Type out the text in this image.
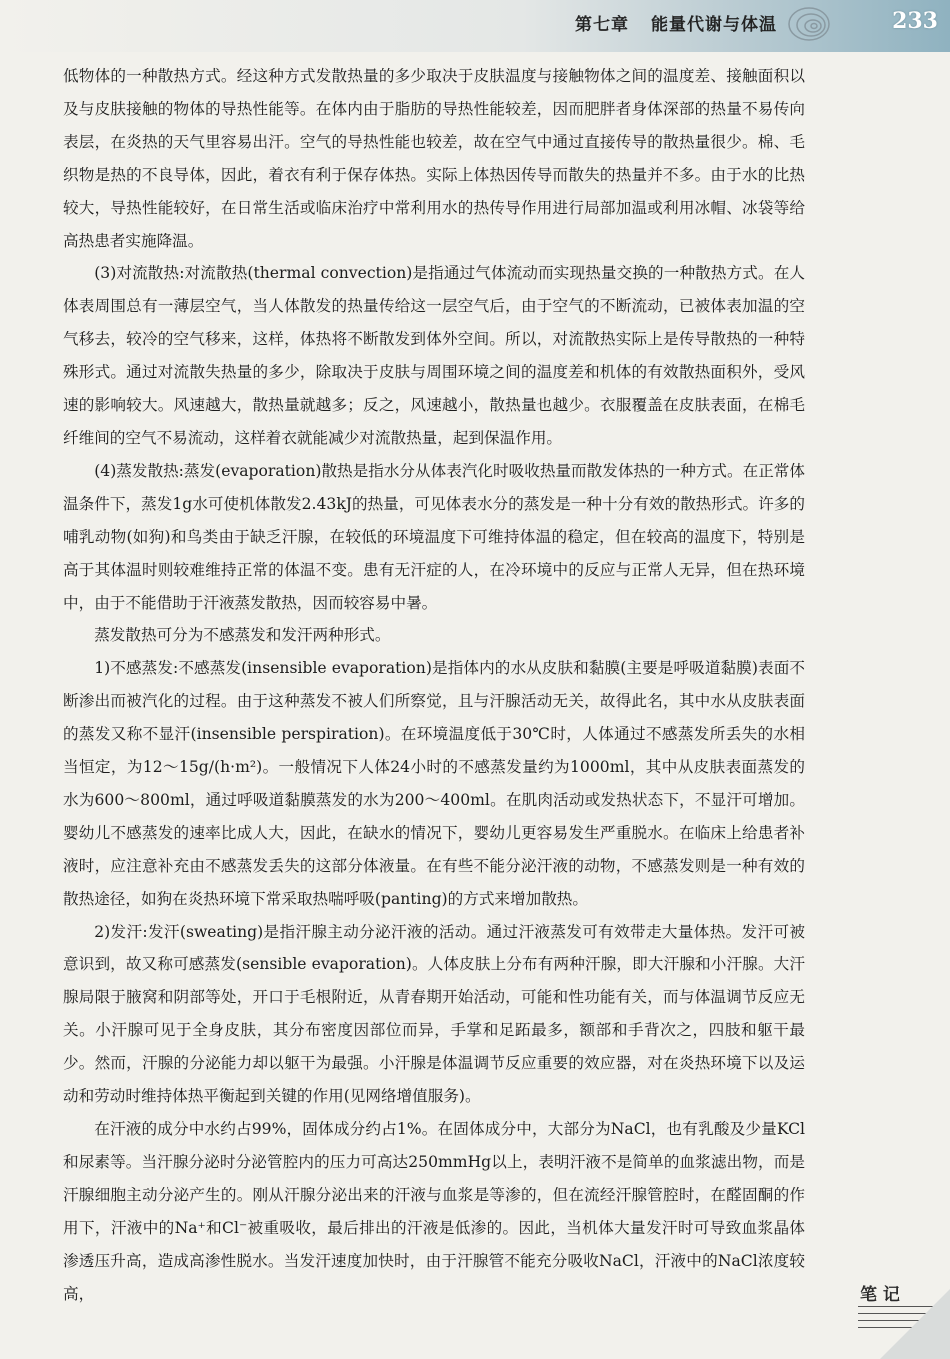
第七章 能量代谢与体温	233

低物体的一种散热方式。经这种方式发散热量的多少取决于皮肤温度与接触物体之间的温度差、接触面积以及与皮肤接触的物体的导热性能等。在体内由于脂肪的导热性能较差，因而肥胖者身体深部的热量不易传向表层，在炎热的天气里容易出汗。空气的导热性能也较差，故在空气中通过直接传导的散热量很少。棉、毛织物是热的不良导体，因此，着衣有利于保存体热。实际上体热因传导而散失的热量并不多。由于水的比热较大，导热性能较好，在日常生活或临床治疗中常利用水的热传导作用进行局部加温或利用冰帽、冰袋等给高热患者实施降温。

(3)对流散热:对流散热(thermal convection)是指通过气体流动而实现热量交换的一种散热方式。在人体表周围总有一薄层空气，当人体散发的热量传给这一层空气后，由于空气的不断流动，已被体表加温的空气移去，较冷的空气移来，这样，体热将不断散发到体外空间。所以，对流散热实际上是传导散热的一种特殊形式。通过对流散失热量的多少，除取决于皮肤与周围环境之间的温度差和机体的有效散热面积外，受风速的影响较大。风速越大，散热量就越多；反之，风速越小，散热量也越少。衣服覆盖在皮肤表面，在棉毛纤维间的空气不易流动，这样着衣就能减少对流散热量，起到保温作用。

(4)蒸发散热:蒸发(evaporation)散热是指水分从体表汽化时吸收热量而散发体热的一种方式。在正常体温条件下，蒸发1g水可使机体散发2.43kJ的热量，可见体表水分的蒸发是一种十分有效的散热形式。许多的哺乳动物(如狗)和鸟类由于缺乏汗腺，在较低的环境温度下可维持体温的稳定，但在较高的温度下，特别是高于其体温时则较难维持正常的体温不变。患有无汗症的人，在冷环境中的反应与正常人无异，但在热环境中，由于不能借助于汗液蒸发散热，因而较容易中暑。

蒸发散热可分为不感蒸发和发汗两种形式。

1)不感蒸发:不感蒸发(insensible evaporation)是指体内的水从皮肤和黏膜(主要是呼吸道黏膜)表面不断渗出而被汽化的过程。由于这种蒸发不被人们所察觉，且与汗腺活动无关，故得此名，其中水从皮肤表面的蒸发又称不显汗(insensible perspiration)。在环境温度低于30℃时，人体通过不感蒸发所丢失的水相当恒定，为12～15g/(h·m²)。一般情况下人体24小时的不感蒸发量约为1000ml，其中从皮肤表面蒸发的水为600～800ml，通过呼吸道黏膜蒸发的水为200～400ml。在肌肉活动或发热状态下，不显汗可增加。婴幼儿不感蒸发的速率比成人大，因此，在缺水的情况下，婴幼儿更容易发生严重脱水。在临床上给患者补液时，应注意补充由不感蒸发丢失的这部分体液量。在有些不能分泌汗液的动物，不感蒸发则是一种有效的散热途径，如狗在炎热环境下常采取热喘呼吸(panting)的方式来增加散热。

2)发汗:发汗(sweating)是指汗腺主动分泌汗液的活动。通过汗液蒸发可有效带走大量体热。发汗可被意识到，故又称可感蒸发(sensible evaporation)。人体皮肤上分布有两种汗腺，即大汗腺和小汗腺。大汗腺局限于腋窝和阴部等处，开口于毛根附近，从青春期开始活动，可能和性功能有关，而与体温调节反应无关。小汗腺可见于全身皮肤，其分布密度因部位而异，手掌和足跖最多，额部和手背次之，四肢和躯干最少。然而，汗腺的分泌能力却以躯干为最强。小汗腺是体温调节反应重要的效应器，对在炎热环境下以及运动和劳动时维持体热平衡起到关键的作用(见网络增值服务)。

在汗液的成分中水约占99%，固体成分约占1%。在固体成分中，大部分为NaCl，也有乳酸及少量KCl和尿素等。当汗腺分泌时分泌管腔内的压力可高达250mmHg以上，表明汗液不是简单的血浆滤出物，而是汗腺细胞主动分泌产生的。刚从汗腺分泌出来的汗液与血浆是等渗的，但在流经汗腺管腔时，在醛固酮的作用下，汗液中的Na⁺和Cl⁻被重吸收，最后排出的汗液是低渗的。因此，当机体大量发汗时可导致血浆晶体渗透压升高，造成高渗性脱水。当发汗速度加快时，由于汗腺管不能充分吸收NaCl，汗液中的NaCl浓度较高，	笔 记
